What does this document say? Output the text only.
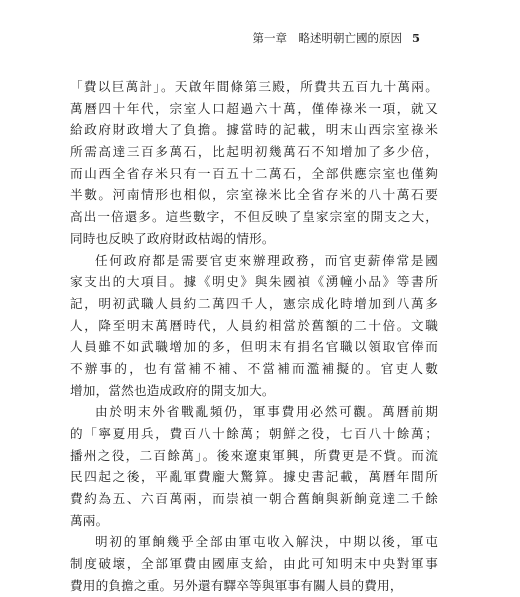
第一章　略述明朝亡國的原因 5
「費以巨萬計」。天啟年間條第三殿，所費共五百九十萬兩。
萬曆四十年代，宗室人口超過六十萬，僅俸祿米一項，就又
給政府財政增大了負擔。據當時的記載，明末山西宗室祿米
所需高達三百多萬石，比起明初幾萬石不知增加了多少倍，
而山西全省存米只有一百五十二萬石，全部供應宗室也僅夠
半數。河南情形也相似，宗室祿米比全省存米的八十萬石要
高出一倍還多。這些數字，不但反映了皇家宗室的開支之大，
同時也反映了政府財政枯竭的情形。
任何政府都是需要官吏來辦理政務，而官吏薪俸常是國
家支出的大項目。據《明史》與朱國禎《湧幢小品》等書所
記，明初武職人員約二萬四千人，憲宗成化時增加到八萬多
人，降至明末萬曆時代，人員約相當於舊額的二十倍。文職
人員雖不如武職增加的多，但明末有捐名官職以領取官俸而
不辦事的，也有當補不補、不當補而濫補擬的。官吏人數
增加，當然也造成政府的開支加大。
由於明末外省戰亂頻仍，軍事費用必然可觀。萬曆前期
的「寧夏用兵，費百八十餘萬；朝鮮之役，七百八十餘萬；
播州之役，二百餘萬」。後來遼東軍興，所費更是不貲。而流
民四起之後，平亂軍費龐大驚算。據史書記載，萬曆年間所
費約為五、六百萬兩，而崇禎一朝合舊餉與新餉竟達二千餘
萬兩。
明初的軍餉幾乎全部由軍屯收入解決，中期以後，軍屯
制度破壞，全部軍費由國庫支給，由此可知明末中央對軍事
費用的負擔之重。另外還有驛卒等與軍事有關人員的費用，
